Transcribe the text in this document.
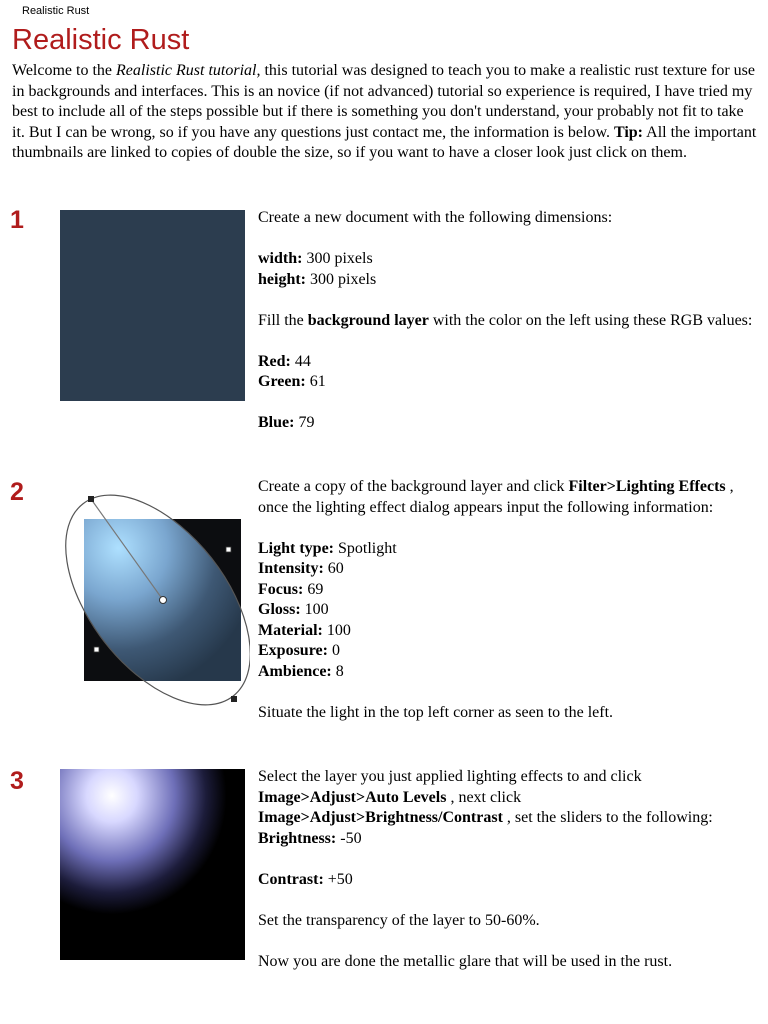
Realistic Rust
Realistic Rust

Welcome to the Realistic Rust tutorial, this tutorial was designed to teach you to make a realistic rust texture for use in backgrounds and interfaces. This is an novice (if not advanced) tutorial so experience is required, I have tried my best to include all of the steps possible but if there is something you don't understand, your probably not fit to take it. But I can be wrong, so if you have any questions just contact me, the information is below. Tip: All the important thumbnails are linked to copies of double the size, so if you want to have a closer look just click on them.

1	Create a new document with the following dimensions:

width: 300 pixels

height: 300 pixels

Fill the background layer with the color on the left using these RGB values:

Red: 44

Green: 61

Blue: 79

2	Create a copy of the background layer and click Filter>Lighting Effects , once the lighting effect dialog appears input the following information:

Light type: Spotlight

Intensity: 60

Focus: 69

Gloss: 100

Material: 100

Exposure: 0

Ambience: 8

Situate the light in the top left corner as seen to the left.

3	Select the layer you just applied lighting effects to and click Image>Adjust>Auto Levels , next click Image>Adjust>Brightness/Contrast , set the sliders to the following:
Brightness: -50

Contrast: +50

Set the transparency of the layer to 50-60%.

Now you are done the metallic glare that will be used in the rust.
